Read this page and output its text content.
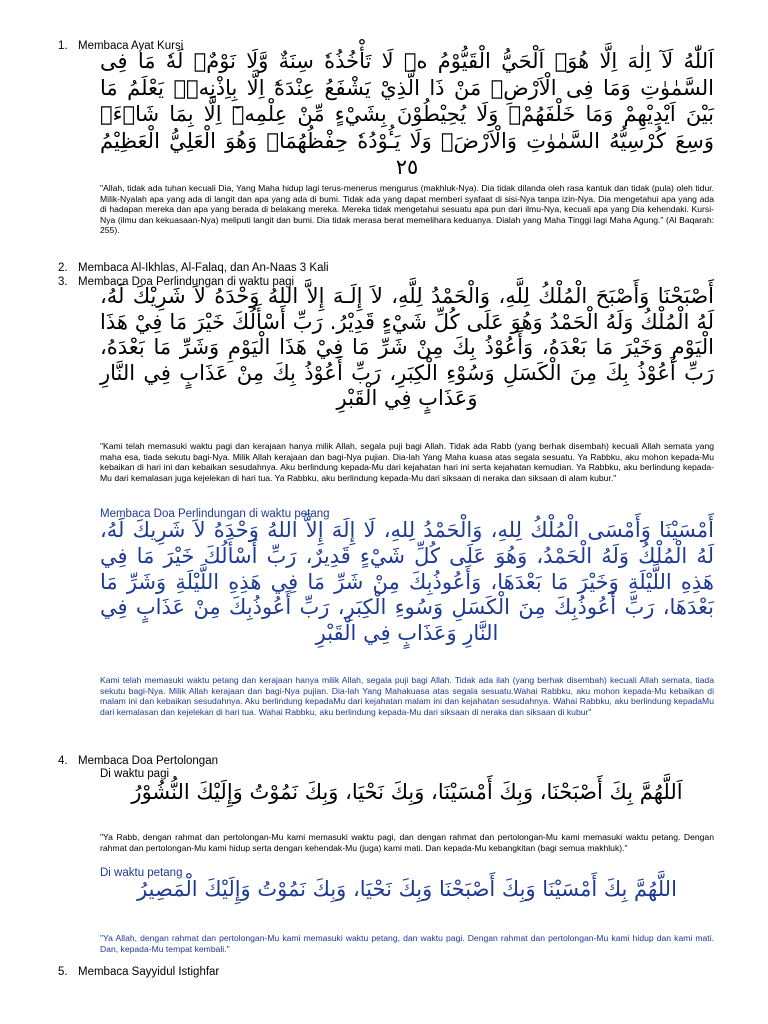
1. Membaca Ayat Kursi
اَللّٰهُ لَآ اِلٰهَ اِلَّا هُوَۚ اَلْحَيُّ الْقَيُّوْمُ ەۚ لَا تَأْخُذُهٗ سِنَةٌ وَّلَا نَوْمٌۗ لَهٗ مَا فِى السَّمٰوٰتِ وَمَا فِى الْاَرْضِۗ مَنْ ذَا الَّذِيْ يَشْفَعُ عِنْدَهٗٓ اِلَّا بِاِذْنِهٖۗ يَعْلَمُ مَا بَيْنَ اَيْدِيْهِمْ وَمَا خَلْفَهُمْۚ وَلَا يُحِيْطُوْنَ بِشَيْءٍ مِّنْ عِلْمِهٖٓ اِلَّا بِمَا شَاۤءَۚ وَسِعَ كُرْسِيُّهُ السَّمٰوٰتِ وَالْاَرْضَۚ وَلَا يَـُٔوْدُهٗ حِفْظُهُمَاۚ وَهُوَ الْعَلِيُّ الْعَظِيْمُ ٢٥
"Allah, tidak ada tuhan kecuali Dia, Yang Maha hidup lagi terus-menerus mengurus (makhluk-Nya). Dia tidak dilanda oleh rasa kantuk dan tidak (pula) oleh tidur. Milik-Nyalah apa yang ada di langit dan apa yang ada di bumi. Tidak ada yang dapat memberi syafaat di sisi-Nya tanpa izin-Nya. Dia mengetahui apa yang ada di hadapan mereka dan apa yang berada di belakang mereka. Mereka tidak mengetahui sesuatu apa pun dari ilmu-Nya, kecuali apa yang Dia kehendaki. Kursi-Nya (ilmu dan kekuasaan-Nya) meliputi langit dan bumi. Dia tidak merasa berat memelihara keduanya. Dialah yang Maha Tinggi lagi Maha Agung." (Al Baqarah: 255).
2. Membaca Al-Ikhlas, Al-Falaq, dan An-Naas 3 Kali
3. Membaca Doa Perlindungan di waktu pagi
أَصْبَحْنَا وَأَصْبَحَ الْمُلْكُ لِلَّهِ، وَالْحَمْدُ لِلَّهِ، لاَ إِلَـهَ إِلاَّ اللهُ وَحْدَهُ لاَ شَرِيْكَ لَهُ، لَهُ الْمُلْكُ وَلَهُ الْحَمْدُ وَهُوَ عَلَى كُلِّ شَيْءٍ قَدِيْرُ. رَبِّ أَسْأَلُكَ خَيْرَ مَا فِيْ هَذَا الْيَوْمِ وَخَيْرَ مَا بَعْدَهُ، وَأَعُوْذُ بِكَ مِنْ شَرِّ مَا فِيْ هَذَا الْيَوْمِ وَشَرِّ مَا بَعْدَهُ، رَبِّ أَعُوْذُ بِكَ مِنَ الْكَسَلِ وَسُوْءِ الْكِبَرِ، رَبِّ أَعُوْذُ بِكَ مِنْ عَذَابٍ فِي النَّارِ وَعَذَابٍ فِي الْقَبْرِ
"Kami telah memasuki waktu pagi dan kerajaan hanya milik Allah, segala puji bagi Allah. Tidak ada Rabb (yang berhak disembah) kecuali Allah semata yang maha esa, tiada sekutu bagi-Nya. Milik Allah kerajaan dan bagi-Nya pujian. Dia-lah Yang Maha kuasa atas segala sesuatu. Ya Rabbku, aku mohon kepada-Mu kebaikan di hari ini dan kebaikan sesudahnya. Aku berlindung kepada-Mu dari kejahatan hari ini serta kejahatan kemudian. Ya Rabbku, aku berlindung kepada-Mu dari kemalasan juga kejelekan di hari tua. Ya Rabbku, aku berlindung kepada-Mu dari siksaan di neraka dan siksaan di alam kubur."
Membaca Doa Perlindungan di waktu petang
أَمْسَيْنَا وَأَمْسَى الْمُلْكُ لِلهِ، وَالْحَمْدُ لِلهِ، لَا إِلَهَ إِلاَّ اللهُ وَحْدَهُ لاَ شَرِيكَ لَهُ، لَهُ الْمُلْكُ وَلَهُ الْحَمْدُ، وَهُوَ عَلَى كُلِّ شَيْءٍ قَدِيرٌ، رَبِّ أَسْأَلُكَ خَيْرَ مَا فِي هَذِهِ اللَّيْلَةِ وَخَيْرَ مَا بَعْدَهَا، وَأَعُوذُبِكَ مِنْ شَرِّ مَا فِي هَذِهِ اللَّيْلَةِ وَشَرِّ مَا بَعْدَهَا، رَبِّ أَعُوذُبِكَ مِنَ الْكَسَلِ وَسُوءِ الْكِبَرِ، رَبِّ أَعُوذُبِكَ مِنْ عَذَابٍ فِي النَّارِ وَعَذَابٍ فِي الْقَبْرِ
Kami telah memasuki waktu petang dan kerajaan hanya milik Allah, segala puji bagi Allah. Tidak ada ilah (yang berhak disembah) kecuali Allah semata, tiada sekutu bagi-Nya. Milik Allah kerajaan dan bagi-Nya pujian. Dia-lah Yang Mahakuasa atas segala sesuatu.Wahai Rabbku, aku mohon kepada-Mu kebaikan di malam ini dan kebaikan sesudahnya. Aku berlindung kepadaMu dari kejahatan malam ini dan kejahatan sesudahnya. Wahai Rabbku, aku berlindung kepadaMu dari kemalasan dan kejelekan di hari tua. Wahai Rabbku, aku berlindung kepada-Mu dari siksaan di neraka dan siksaan di kubur"
4. Membaca Doa Pertolongan
Di waktu pagi
اَللَّهُمَّ بِكَ أَصْبَحْنَا، وَبِكَ أَمْسَيْنَا، وَبِكَ نَحْيَا، وَبِكَ نَمُوْتُ وَإِلَيْكَ النُّشُوْرُ
"Ya Rabb, dengan rahmat dan pertolongan-Mu kami memasuki waktu pagi, dan dengan rahmat dan pertolongan-Mu kami memasuki waktu petang. Dengan rahmat dan pertolongan-Mu kami hidup serta dengan kehendak-Mu (juga) kami mati. Dan kepada-Mu kebangkitan (bagi semua makhluk)."
Di waktu petang
اللَّهُمَّ بِكَ أَمْسَيْنَا وَبِكَ أَصْبَحْنَا وَبِكَ نَحْيَا، وَبِكَ نَمُوْتُ وَإِلَيْكَ الْمَصِيرُ
"Ya Allah, dengan rahmat dan pertolongan-Mu kami memasuki waktu petang, dan waktu pagi. Dengan rahmat dan pertolongan-Mu kami hidup dan kami mati. Dan, kepada-Mu tempat kembali."
5. Membaca Sayyidul Istighfar
